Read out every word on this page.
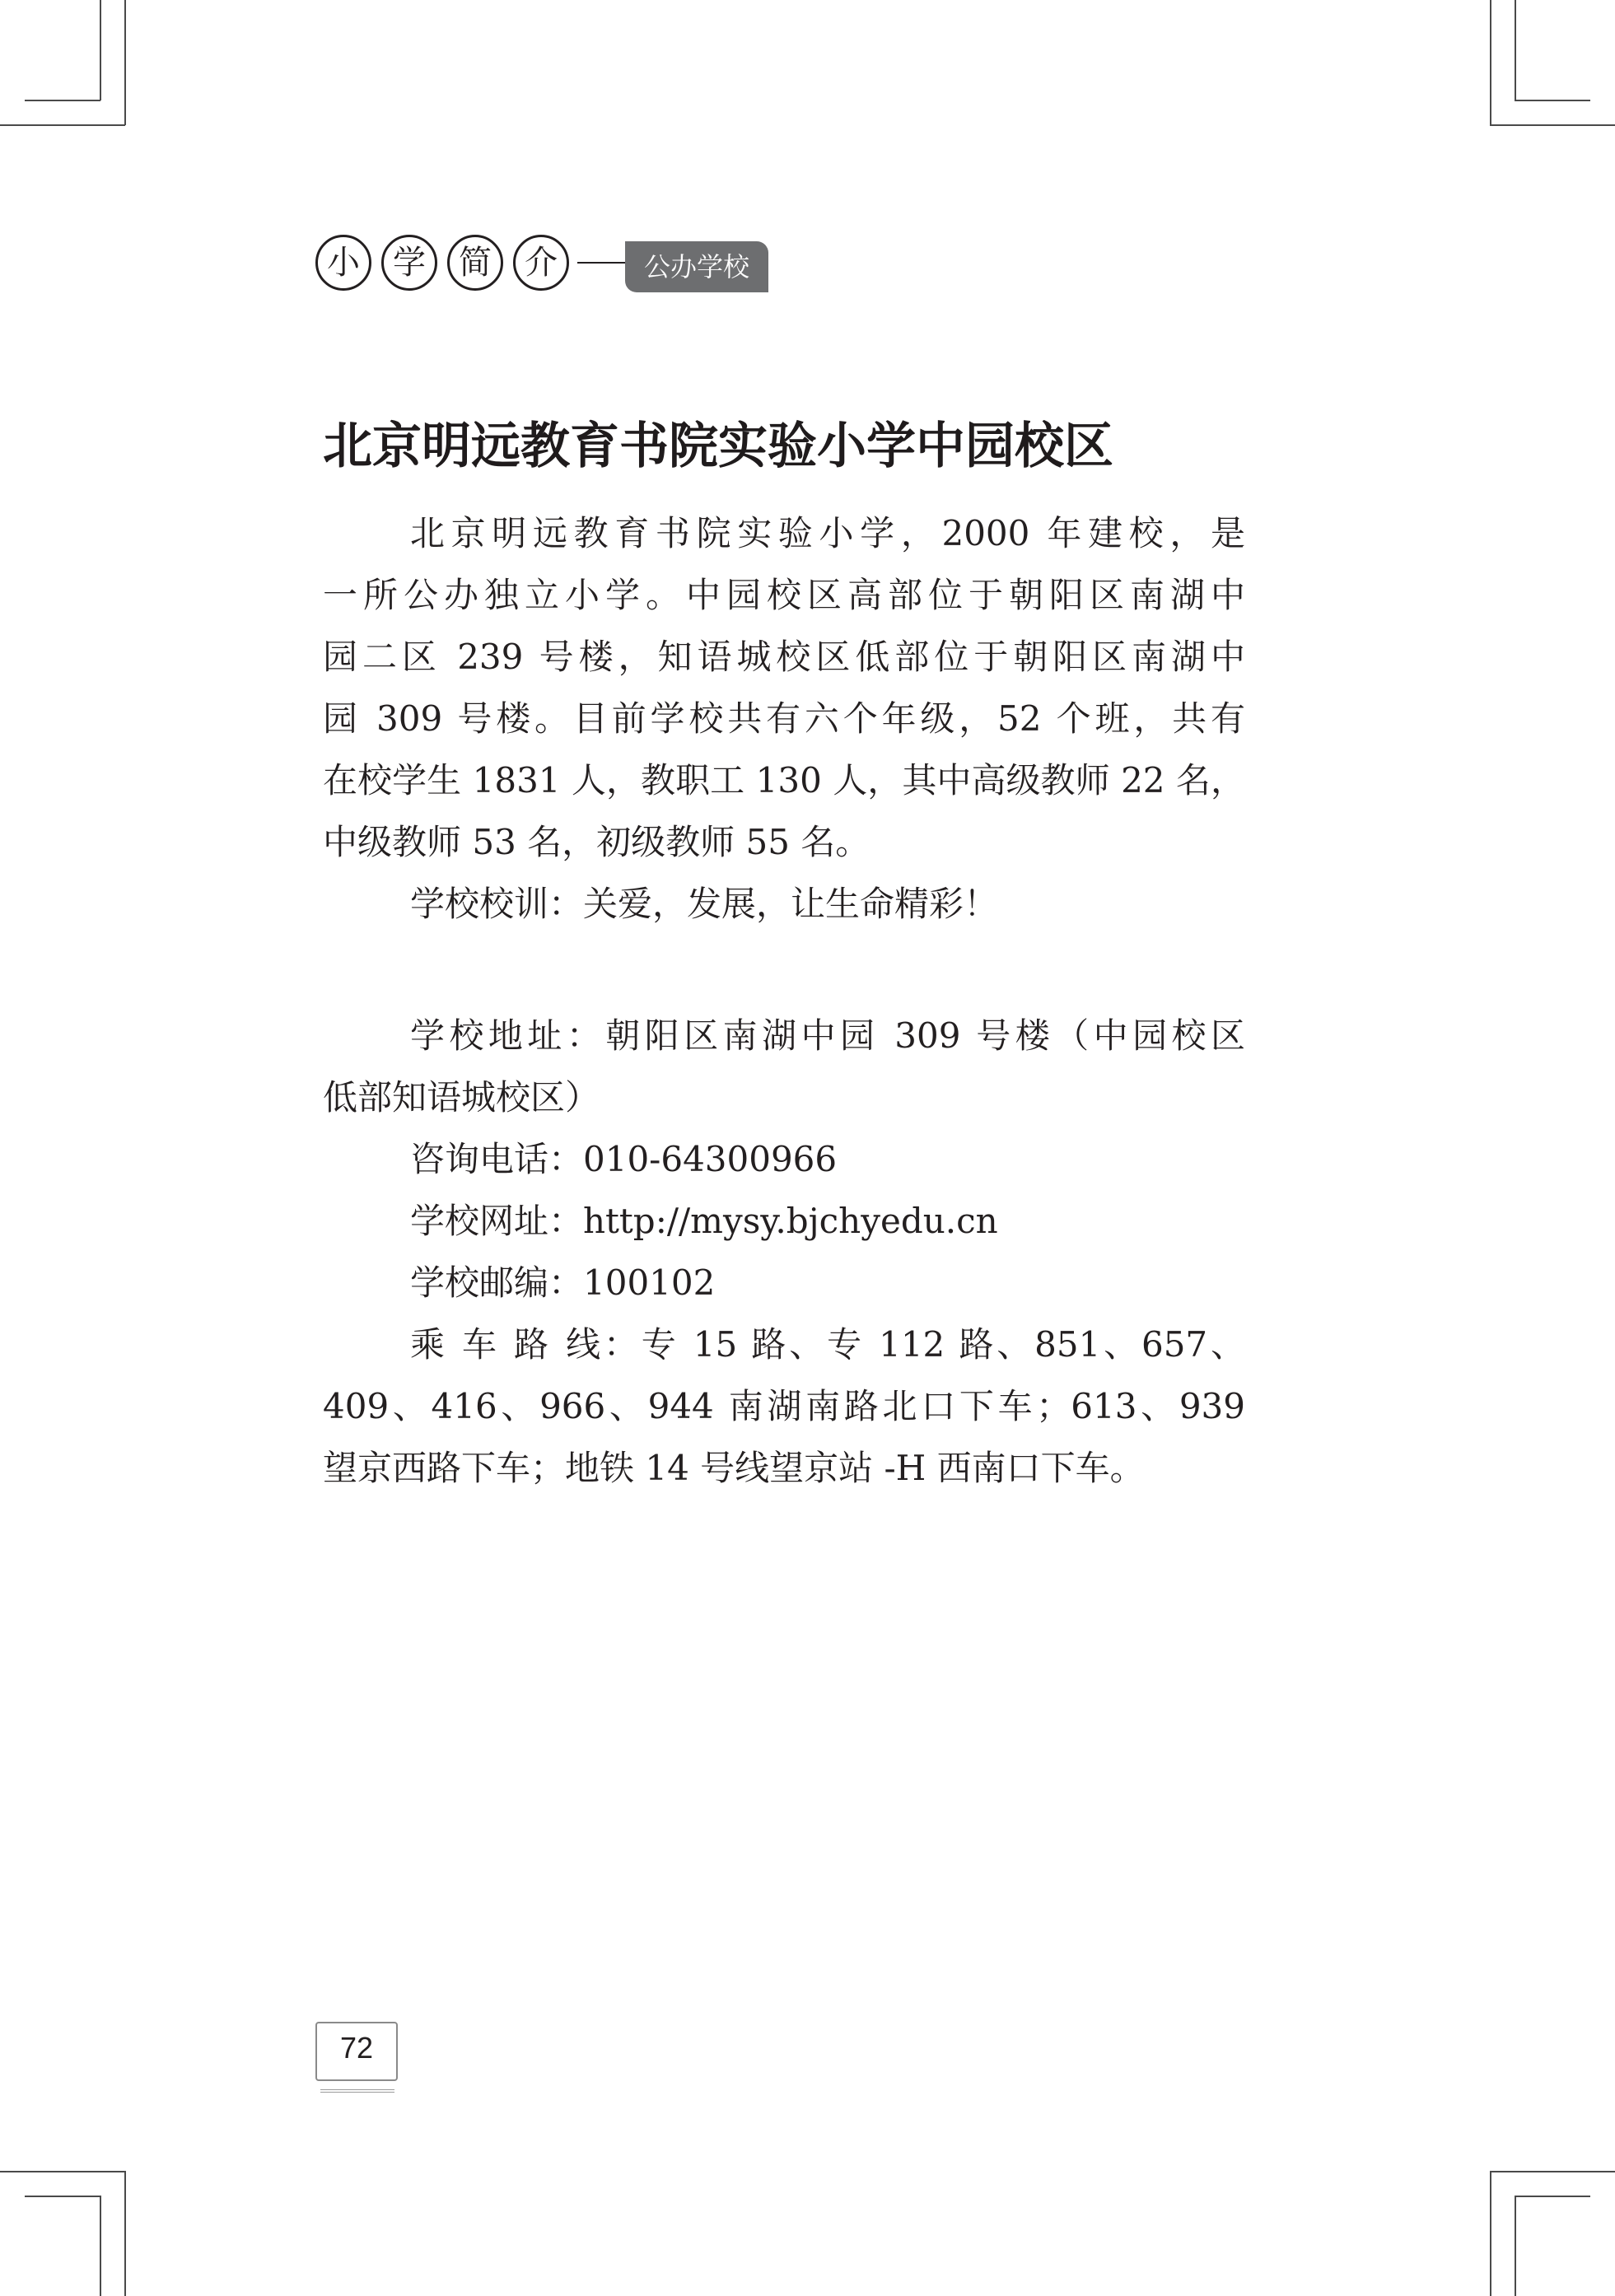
小	学	简	介	公办学校
北京明远教育书院实验小学中园校区
北京明远教育书院实验小学，2000 年建校，是
一所公办独立小学。中园校区高部位于朝阳区南湖中
园二区 239 号楼，知语城校区低部位于朝阳区南湖中
园 309 号楼。目前学校共有六个年级，52 个班，共有
在校学生 1831 人，教职工 130 人，其中高级教师 22 名，
中级教师 53 名，初级教师 55 名。
学校校训：关爱，发展，让生命精彩！
学校地址：朝阳区南湖中园 309 号楼（中园校区
低部知语城校区）
咨询电话：010-64300966
学校网址：http://mysy.bjchyedu.cn
学校邮编：100102
乘 车 路 线：专 15 路、专 112 路、851、657、
409、416、966、944 南湖南路北口下车；613、939
望京西路下车；地铁 14 号线望京站 -H 西南口下车。
72
